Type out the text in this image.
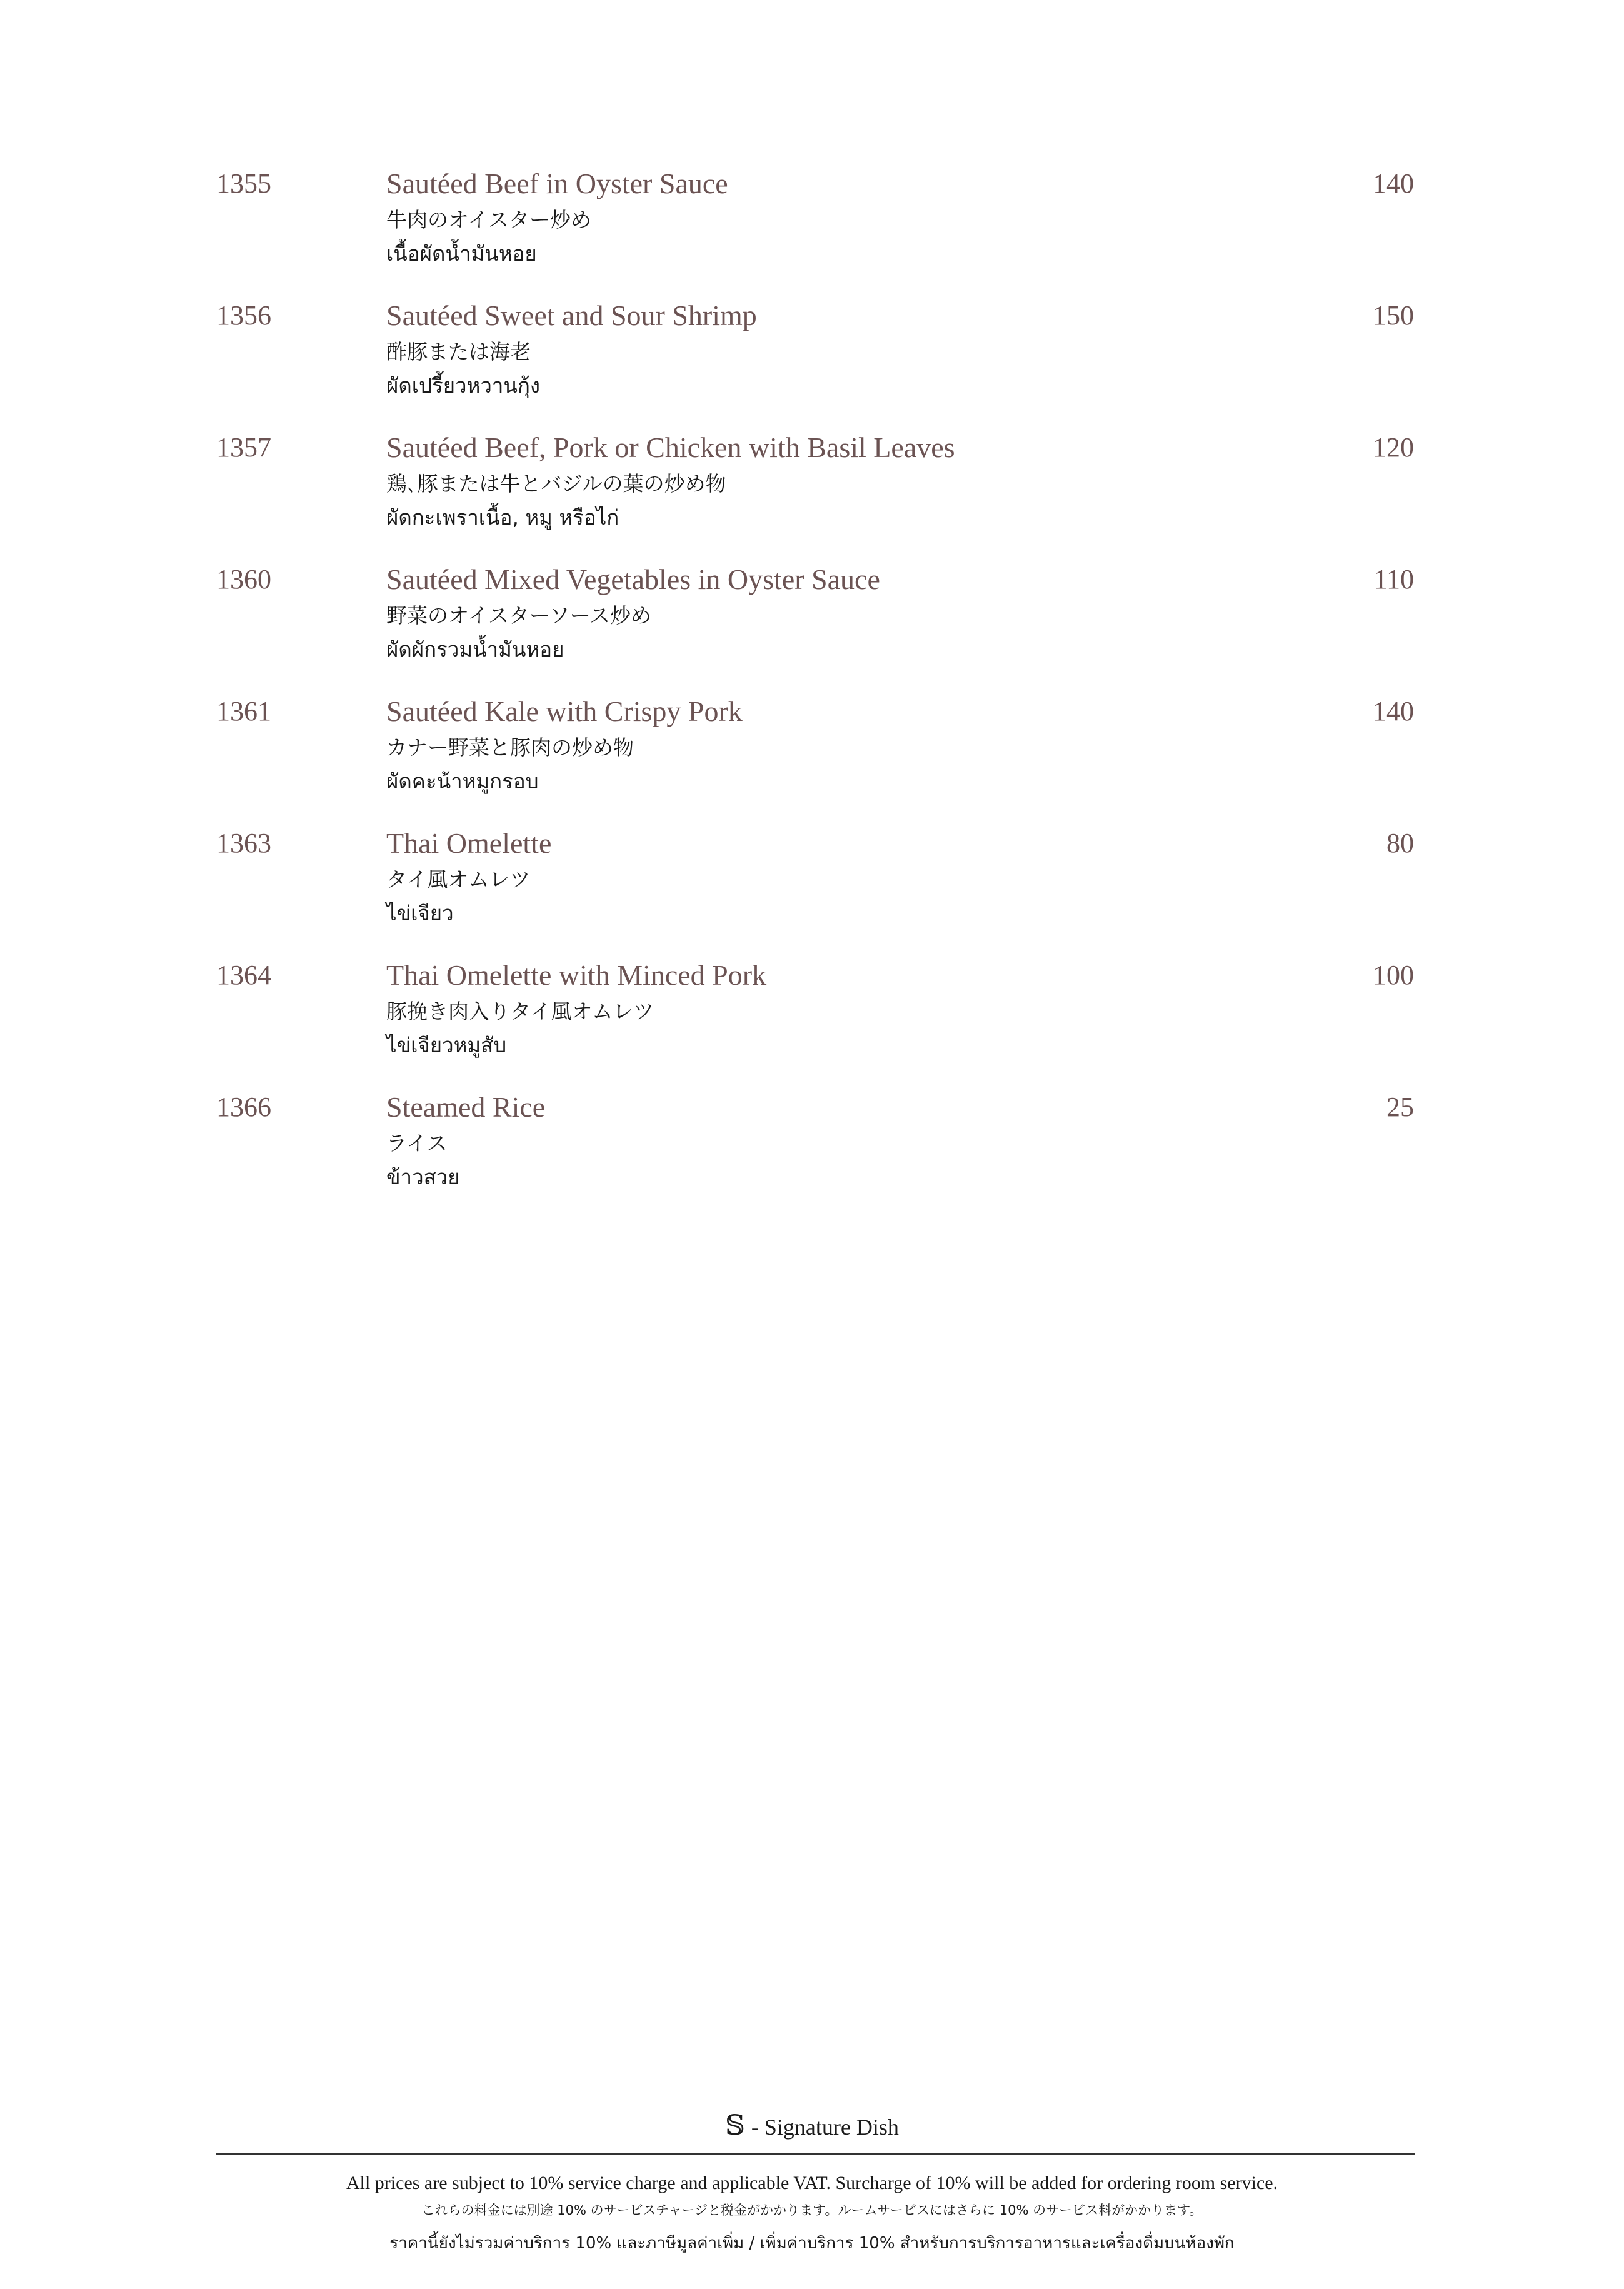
1355	Sautéed Beef in Oyster Sauce
牛肉のオイスター炒め
เนื้อผัดน้ำมันหอย
140
1356	Sautéed Sweet and Sour Shrimp
酢豚または海老
ผัดเปรี้ยวหวานกุ้ง
150
1357	Sautéed Beef, Pork or Chicken with Basil Leaves
鶏､豚または牛とバジルの葉の炒め物
ผัดกะเพราเนื้อ, หมู หรือไก่
120
1360	Sautéed Mixed Vegetables in Oyster Sauce
野菜のオイスターソース炒め
ผัดผักรวมน้ำมันหอย
110
1361	Sautéed Kale with Crispy Pork
カナー野菜と豚肉の炒め物
ผัดคะน้าหมูกรอบ
140
1363	Thai Omelette
タイ風オムレツ
ไข่เจียว
80
1364	Thai Omelette with Minced Pork
豚挽き肉入りタイ風オムレツ
ไข่เจียวหมูสับ
100
1366	Steamed Rice
ライス
ข้าวสวย
25
𝕊 - Signature Dish
All prices are subject to 10% service charge and applicable VAT. Surcharge of 10% will be added for ordering room service.
これらの料金には別途 10% のサービスチャージと税金がかかります。ルームサービスにはさらに 10% のサービス料がかかります。
ราคานี้ยังไม่รวมค่าบริการ 10% และภาษีมูลค่าเพิ่ม / เพิ่มค่าบริการ 10% สำหรับการบริการอาหารและเครื่องดื่มบนห้องพัก
